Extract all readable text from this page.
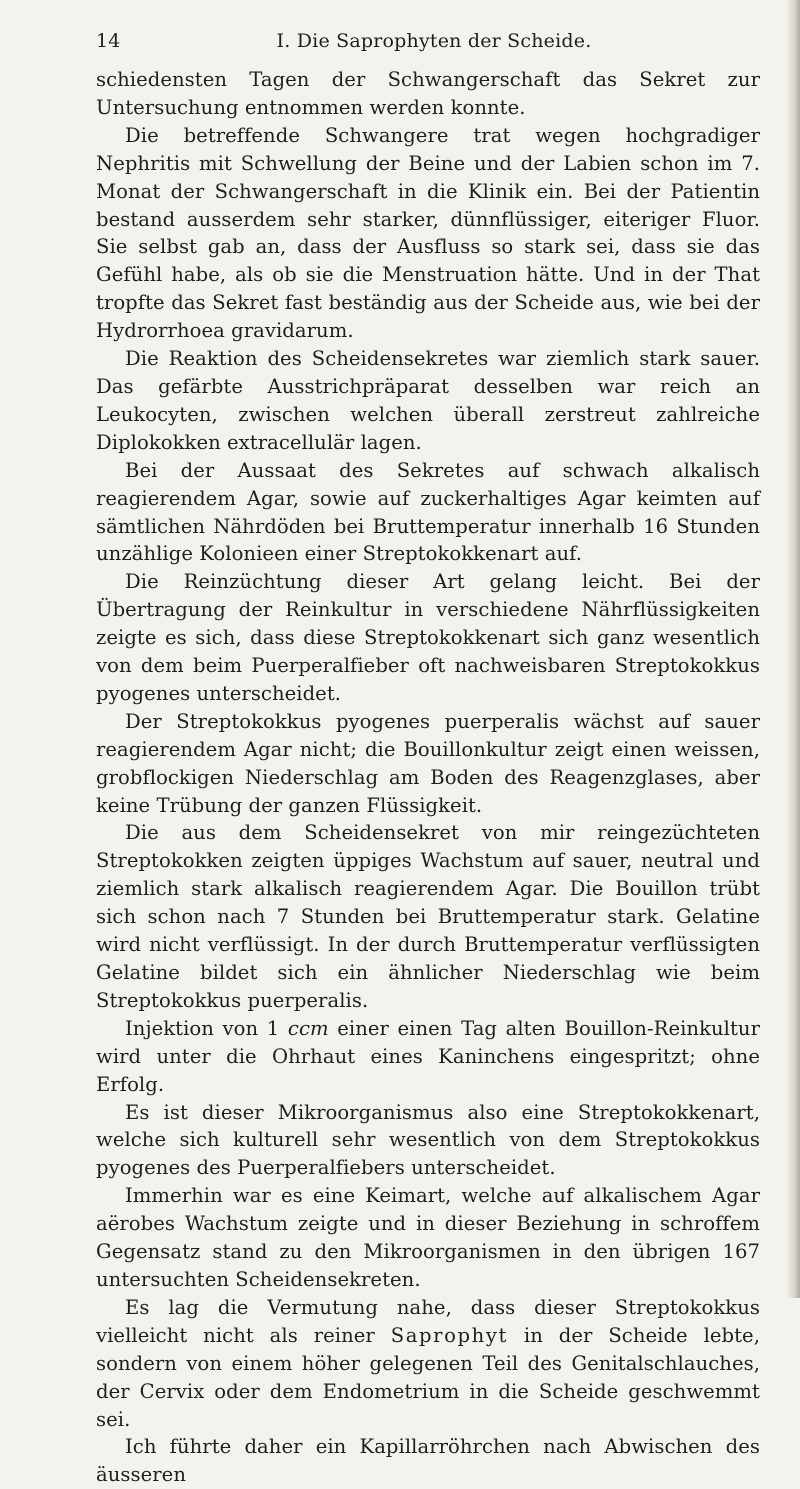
14	I. Die Saprophyten der Scheide.

schiedensten Tagen der Schwangerschaft das Sekret zur Untersuchung entnommen werden konnte.

Die betreffende Schwangere trat wegen hochgradiger Nephritis mit Schwellung der Beine und der Labien schon im 7. Monat der Schwangerschaft in die Klinik ein. Bei der Patientin bestand ausserdem sehr starker, dünnflüssiger, eiteriger Fluor. Sie selbst gab an, dass der Ausfluss so stark sei, dass sie das Gefühl habe, als ob sie die Menstruation hätte. Und in der That tropfte das Sekret fast beständig aus der Scheide aus, wie bei der Hydrorrhoea gravidarum.

Die Reaktion des Scheidensekretes war ziemlich stark sauer. Das gefärbte Ausstrichpräparat desselben war reich an Leukocyten, zwischen welchen überall zerstreut zahlreiche Diplokokken extracellulär lagen.

Bei der Aussaat des Sekretes auf schwach alkalisch reagierendem Agar, sowie auf zuckerhaltiges Agar keimten auf sämtlichen Nährdöden bei Bruttemperatur innerhalb 16 Stunden unzählige Kolonieen einer Streptokokkenart auf.

Die Reinzüchtung dieser Art gelang leicht. Bei der Übertragung der Reinkultur in verschiedene Nährflüssigkeiten zeigte es sich, dass diese Streptokokkenart sich ganz wesentlich von dem beim Puerperalfieber oft nachweisbaren Streptokokkus pyogenes unterscheidet.

Der Streptokokkus pyogenes puerperalis wächst auf sauer reagierendem Agar nicht; die Bouillonkultur zeigt einen weissen, grobflockigen Niederschlag am Boden des Reagenzglases, aber keine Trübung der ganzen Flüssigkeit.

Die aus dem Scheidensekret von mir reingezüchteten Streptokokken zeigten üppiges Wachstum auf sauer, neutral und ziemlich stark alkalisch reagierendem Agar. Die Bouillon trübt sich schon nach 7 Stunden bei Bruttemperatur stark. Gelatine wird nicht verflüssigt. In der durch Bruttemperatur verflüssigten Gelatine bildet sich ein ähnlicher Niederschlag wie beim Streptokokkus puerperalis.

Injektion von 1 ccm einer einen Tag alten Bouillon-Reinkultur wird unter die Ohrhaut eines Kaninchens eingespritzt; ohne Erfolg.

Es ist dieser Mikroorganismus also eine Streptokokkenart, welche sich kulturell sehr wesentlich von dem Streptokokkus pyogenes des Puerperalfiebers unterscheidet.

Immerhin war es eine Keimart, welche auf alkalischem Agar aërobes Wachstum zeigte und in dieser Beziehung in schroffem Gegensatz stand zu den Mikroorganismen in den übrigen 167 untersuchten Scheidensekreten.

Es lag die Vermutung nahe, dass dieser Streptokokkus vielleicht nicht als reiner Saprophyt in der Scheide lebte, sondern von einem höher gelegenen Teil des Genitalschlauches, der Cervix oder dem Endometrium in die Scheide geschwemmt sei.

Ich führte daher ein Kapillarröhrchen nach Abwischen des äusseren
